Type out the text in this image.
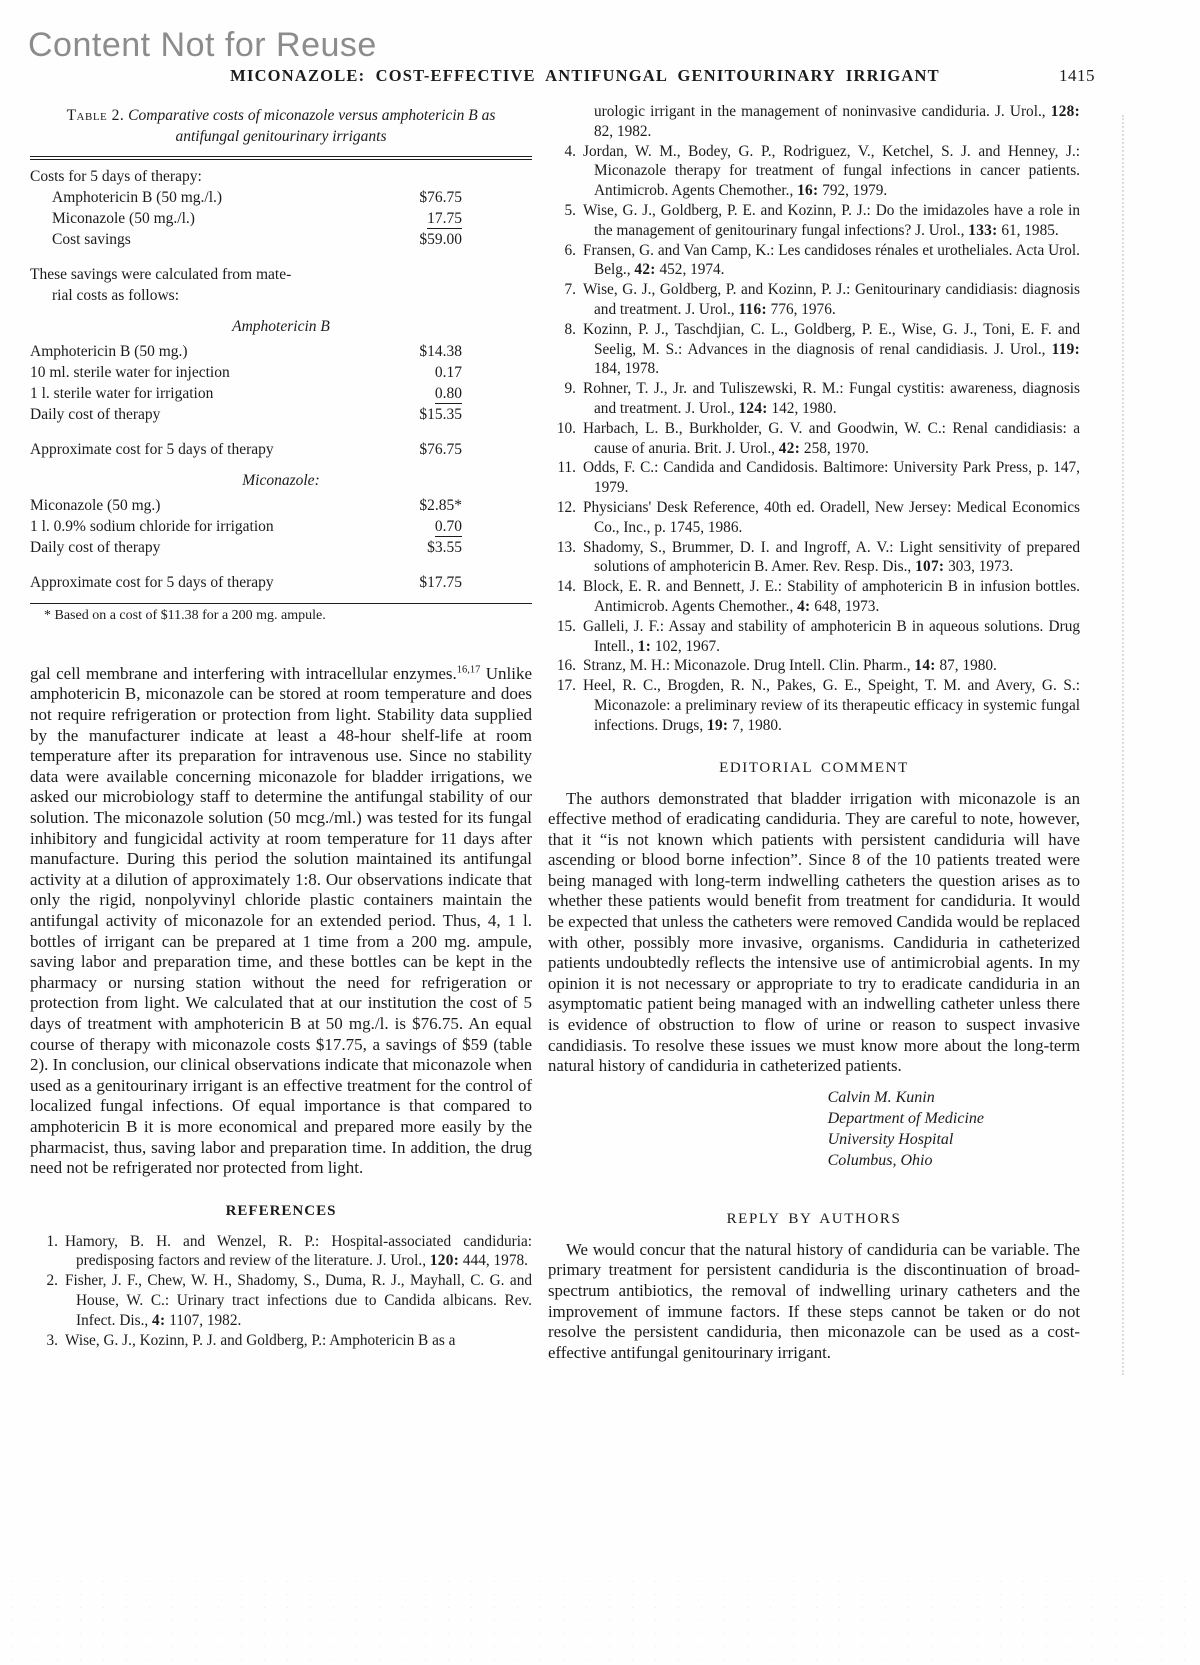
Content Not for Reuse
MICONAZOLE: COST-EFFECTIVE ANTIFUNGAL GENITOURINARY IRRIGANT	1415
Table 2. Comparative costs of miconazole versus amphotericin B as antifungal genitourinary irrigants
Costs for 5 days of therapy:
Amphotericin B (50 mg./l.)	$76.75
Miconazole (50 mg./l.)	17.75
Cost savings	$59.00
These savings were calculated from mate-
rial costs as follows:
Amphotericin B
Amphotericin B (50 mg.)	$14.38
10 ml. sterile water for injection	0.17
1 l. sterile water for irrigation	0.80
Daily cost of therapy	$15.35
Approximate cost for 5 days of therapy	$76.75
Miconazole:
Miconazole (50 mg.)	$2.85*
1 l. 0.9% sodium chloride for irrigation	0.70
Daily cost of therapy	$3.55
Approximate cost for 5 days of therapy	$17.75
* Based on a cost of $11.38 for a 200 mg. ampule.
gal cell membrane and interfering with intracellular enzymes.$^{16,17}$ Unlike amphotericin B, miconazole can be stored at room temperature and does not require refrigeration or protection from light. Stability data supplied by the manufacturer indicate at least a 48-hour shelf-life at room temperature after its preparation for intravenous use. Since no stability data were available concerning miconazole for bladder irrigations, we asked our microbiology staff to determine the antifungal stability of our solution. The miconazole solution (50 mcg./ml.) was tested for its fungal inhibitory and fungicidal activity at room temperature for 11 days after manufacture. During this period the solution maintained its antifungal activity at a dilution of approximately 1:8. Our observations indicate that only the rigid, nonpolyvinyl chloride plastic containers maintain the antifungal activity of miconazole for an extended period. Thus, 4, 1 l. bottles of irrigant can be prepared at 1 time from a 200 mg. ampule, saving labor and preparation time, and these bottles can be kept in the pharmacy or nursing station without the need for refrigeration or protection from light. We calculated that at our institution the cost of 5 days of treatment with amphotericin B at 50 mg./l. is $76.75. An equal course of therapy with miconazole costs $17.75, a savings of $59 (table 2). In conclusion, our clinical observations indicate that miconazole when used as a genitourinary irrigant is an effective treatment for the control of localized fungal infections. Of equal importance is that compared to amphotericin B it is more economical and prepared more easily by the pharmacist, thus, saving labor and preparation time. In addition, the drug need not be refrigerated nor protected from light.
REFERENCES
1. Hamory, B. H. and Wenzel, R. P.: Hospital-associated candiduria: predisposing factors and review of the literature. J. Urol., 120: 444, 1978.
2. Fisher, J. F., Chew, W. H., Shadomy, S., Duma, R. J., Mayhall, C. G. and House, W. C.: Urinary tract infections due to Candida albicans. Rev. Infect. Dis., 4: 1107, 1982.
3. Wise, G. J., Kozinn, P. J. and Goldberg, P.: Amphotericin B as a
urologic irrigant in the management of noninvasive candiduria. J. Urol., 128: 82, 1982.
4. Jordan, W. M., Bodey, G. P., Rodriguez, V., Ketchel, S. J. and Henney, J.: Miconazole therapy for treatment of fungal infections in cancer patients. Antimicrob. Agents Chemother., 16: 792, 1979.
5. Wise, G. J., Goldberg, P. E. and Kozinn, P. J.: Do the imidazoles have a role in the management of genitourinary fungal infections? J. Urol., 133: 61, 1985.
6. Fransen, G. and Van Camp, K.: Les candidoses rénales et urotheliales. Acta Urol. Belg., 42: 452, 1974.
7. Wise, G. J., Goldberg, P. and Kozinn, P. J.: Genitourinary candidiasis: diagnosis and treatment. J. Urol., 116: 776, 1976.
8. Kozinn, P. J., Taschdjian, C. L., Goldberg, P. E., Wise, G. J., Toni, E. F. and Seelig, M. S.: Advances in the diagnosis of renal candidiasis. J. Urol., 119: 184, 1978.
9. Rohner, T. J., Jr. and Tuliszewski, R. M.: Fungal cystitis: awareness, diagnosis and treatment. J. Urol., 124: 142, 1980.
10. Harbach, L. B., Burkholder, G. V. and Goodwin, W. C.: Renal candidiasis: a cause of anuria. Brit. J. Urol., 42: 258, 1970.
11. Odds, F. C.: Candida and Candidosis. Baltimore: University Park Press, p. 147, 1979.
12. Physicians' Desk Reference, 40th ed. Oradell, New Jersey: Medical Economics Co., Inc., p. 1745, 1986.
13. Shadomy, S., Brummer, D. I. and Ingroff, A. V.: Light sensitivity of prepared solutions of amphotericin B. Amer. Rev. Resp. Dis., 107: 303, 1973.
14. Block, E. R. and Bennett, J. E.: Stability of amphotericin B in infusion bottles. Antimicrob. Agents Chemother., 4: 648, 1973.
15. Galleli, J. F.: Assay and stability of amphotericin B in aqueous solutions. Drug Intell., 1: 102, 1967.
16. Stranz, M. H.: Miconazole. Drug Intell. Clin. Pharm., 14: 87, 1980.
17. Heel, R. C., Brogden, R. N., Pakes, G. E., Speight, T. M. and Avery, G. S.: Miconazole: a preliminary review of its therapeutic efficacy in systemic fungal infections. Drugs, 19: 7, 1980.
EDITORIAL COMMENT
The authors demonstrated that bladder irrigation with miconazole is an effective method of eradicating candiduria. They are careful to note, however, that it “is not known which patients with persistent candiduria will have ascending or blood borne infection”. Since 8 of the 10 patients treated were being managed with long-term indwelling catheters the question arises as to whether these patients would benefit from treatment for candiduria. It would be expected that unless the catheters were removed Candida would be replaced with other, possibly more invasive, organisms. Candiduria in catheterized patients undoubtedly reflects the intensive use of antimicrobial agents. In my opinion it is not necessary or appropriate to try to eradicate candiduria in an asymptomatic patient being managed with an indwelling catheter unless there is evidence of obstruction to flow of urine or reason to suspect invasive candidiasis. To resolve these issues we must know more about the long-term natural history of candiduria in catheterized patients.
Calvin M. Kunin
Department of Medicine
University Hospital
Columbus, Ohio
REPLY BY AUTHORS
We would concur that the natural history of candiduria can be variable. The primary treatment for persistent candiduria is the discontinuation of broad-spectrum antibiotics, the removal of indwelling urinary catheters and the improvement of immune factors. If these steps cannot be taken or do not resolve the persistent candiduria, then miconazole can be used as a cost-effective antifungal genitourinary irrigant.
